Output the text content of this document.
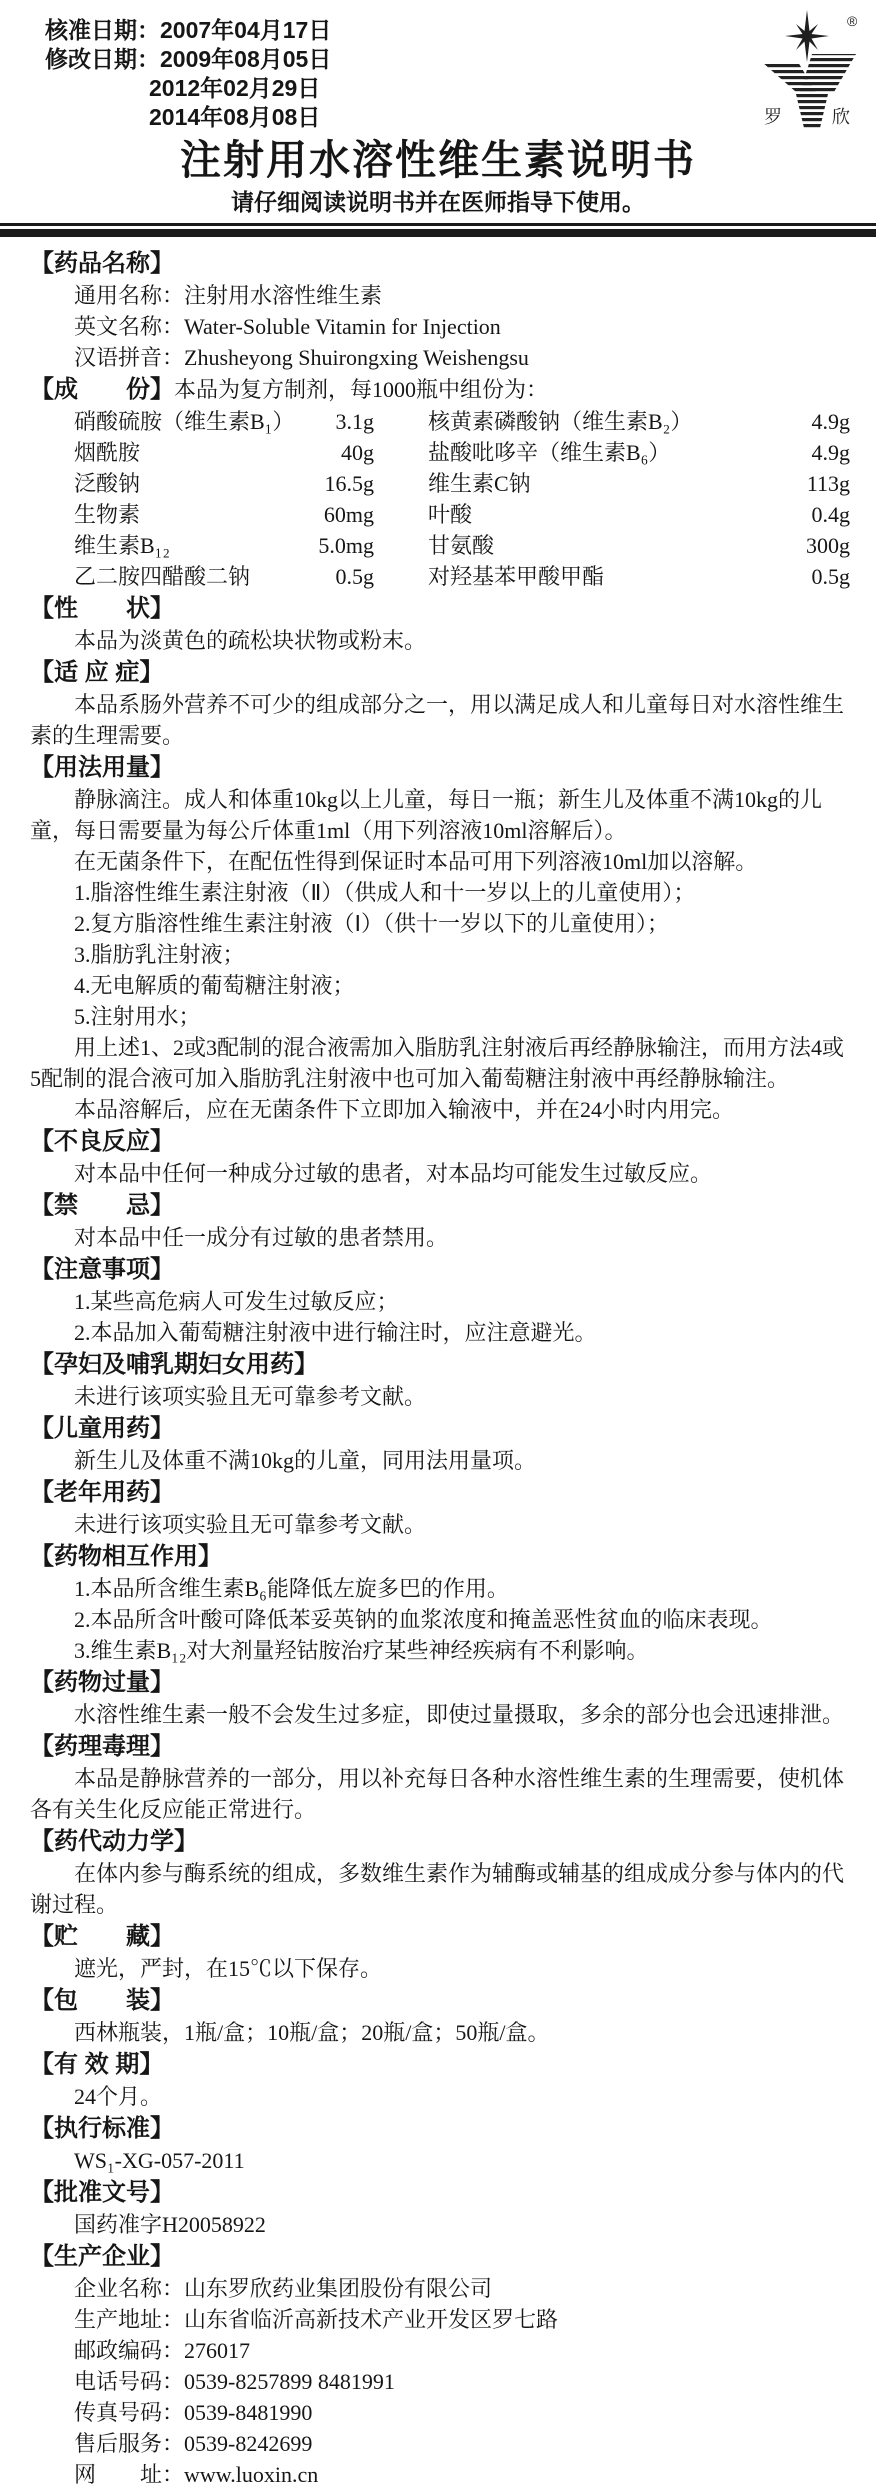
核准日期： 2007年04月17日
修改日期： 2009年08月05日
2012年02月29日
2014年08月08日
®
罗	欣
注射用水溶性维生素说明书
请仔细阅读说明书并在医师指导下使用。
【药品名称】

通用名称：注射用水溶性维生素

英文名称：Water-Soluble Vitamin for Injection

汉语拼音：Zhusheyong Shuirongxing Weishengsu

【成　　份】本品为复方制剂，每1000瓶中组份为：
硝酸硫胺（维生素B₁）	3.1g 核黄素磷酸钠（维生素B₂）	4.9g
烟酰胺	40g 盐酸吡哆辛（维生素B₆）	4.9g
泛酸钠	16.5g 维生素C钠	113g
生物素	60mg 叶酸	0.4g
维生素B₁₂	5.0mg 甘氨酸	300g
乙二胺四醋酸二钠	0.5g 对羟基苯甲酸甲酯	0.5g
【性　　状】

本品为淡黄色的疏松块状物或粉末。

【适 应 症】

本品系肠外营养不可少的组成部分之一，用以满足成人和儿童每日对水溶性维生素的生理需要。

【用法用量】

静脉滴注。成人和体重10kg以上儿童，每日一瓶；新生儿及体重不满10kg的儿童，每日需要量为每公斤体重1ml（用下列溶液10ml溶解后）。

在无菌条件下，在配伍性得到保证时本品可用下列溶液10ml加以溶解。

1.脂溶性维生素注射液（Ⅱ）（供成人和十一岁以上的儿童使用）；

2.复方脂溶性维生素注射液（Ⅰ）（供十一岁以下的儿童使用）；

3.脂肪乳注射液；

4.无电解质的葡萄糖注射液；

5.注射用水；

用上述1、2或3配制的混合液需加入脂肪乳注射液后再经静脉输注，而用方法4或5配制的混合液可加入脂肪乳注射液中也可加入葡萄糖注射液中再经静脉输注。

本品溶解后，应在无菌条件下立即加入输液中，并在24小时内用完。

【不良反应】

对本品中任何一种成分过敏的患者，对本品均可能发生过敏反应。

【禁　　忌】

对本品中任一成分有过敏的患者禁用。

【注意事项】

1.某些高危病人可发生过敏反应；

2.本品加入葡萄糖注射液中进行输注时，应注意避光。

【孕妇及哺乳期妇女用药】

未进行该项实验且无可靠参考文献。

【儿童用药】

新生儿及体重不满10kg的儿童，同用法用量项。

【老年用药】

未进行该项实验且无可靠参考文献。

【药物相互作用】

1.本品所含维生素B₆能降低左旋多巴的作用。

2.本品所含叶酸可降低苯妥英钠的血浆浓度和掩盖恶性贫血的临床表现。

3.维生素B₁₂对大剂量羟钴胺治疗某些神经疾病有不利影响。

【药物过量】

水溶性维生素一般不会发生过多症，即使过量摄取，多余的部分也会迅速排泄。

【药理毒理】

本品是静脉营养的一部分，用以补充每日各种水溶性维生素的生理需要，使机体各有关生化反应能正常进行。

【药代动力学】

在体内参与酶系统的组成，多数维生素作为辅酶或辅基的组成成分参与体内的代谢过程。

【贮　　藏】

遮光，严封，在15℃以下保存。

【包　　装】

西林瓶装，1瓶/盒；10瓶/盒；20瓶/盒；50瓶/盒。

【有 效 期】

24个月。

【执行标准】

WS₁-XG-057-2011

【批准文号】

国药准字H20058922

【生产企业】

企业名称：山东罗欣药业集团股份有限公司

生产地址：山东省临沂高新技术产业开发区罗七路

邮政编码：276017

电话号码：0539-8257899 8481991

传真号码：0539-8481990

售后服务：0539-8242699

网　　址：www.luoxin.cn
